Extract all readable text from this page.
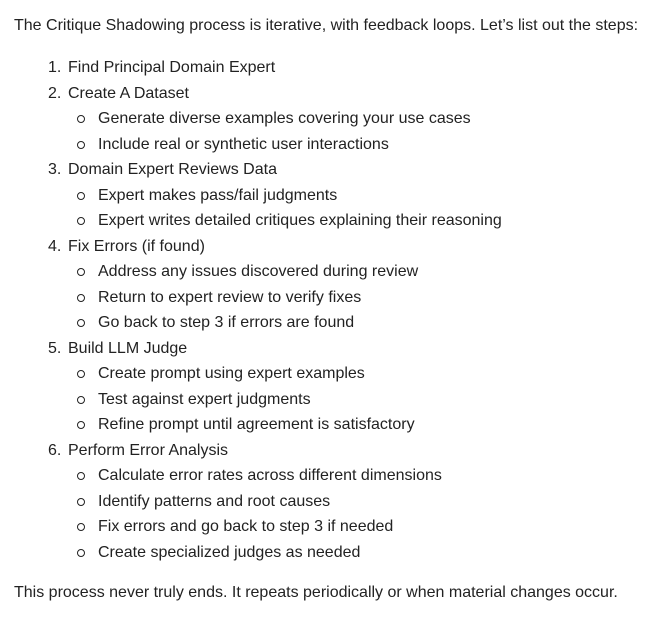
The Critique Shadowing process is iterative, with feedback loops. Let’s list out the steps:

1. Find Principal Domain Expert
2. Create A Dataset
Generate diverse examples covering your use cases
Include real or synthetic user interactions
3. Domain Expert Reviews Data
Expert makes pass/fail judgments
Expert writes detailed critiques explaining their reasoning
4. Fix Errors (if found)
Address any issues discovered during review
Return to expert review to verify fixes
Go back to step 3 if errors are found
5. Build LLM Judge
Create prompt using expert examples
Test against expert judgments
Refine prompt until agreement is satisfactory
6. Perform Error Analysis
Calculate error rates across different dimensions
Identify patterns and root causes
Fix errors and go back to step 3 if needed
Create specialized judges as needed

This process never truly ends. It repeats periodically or when material changes occur.
